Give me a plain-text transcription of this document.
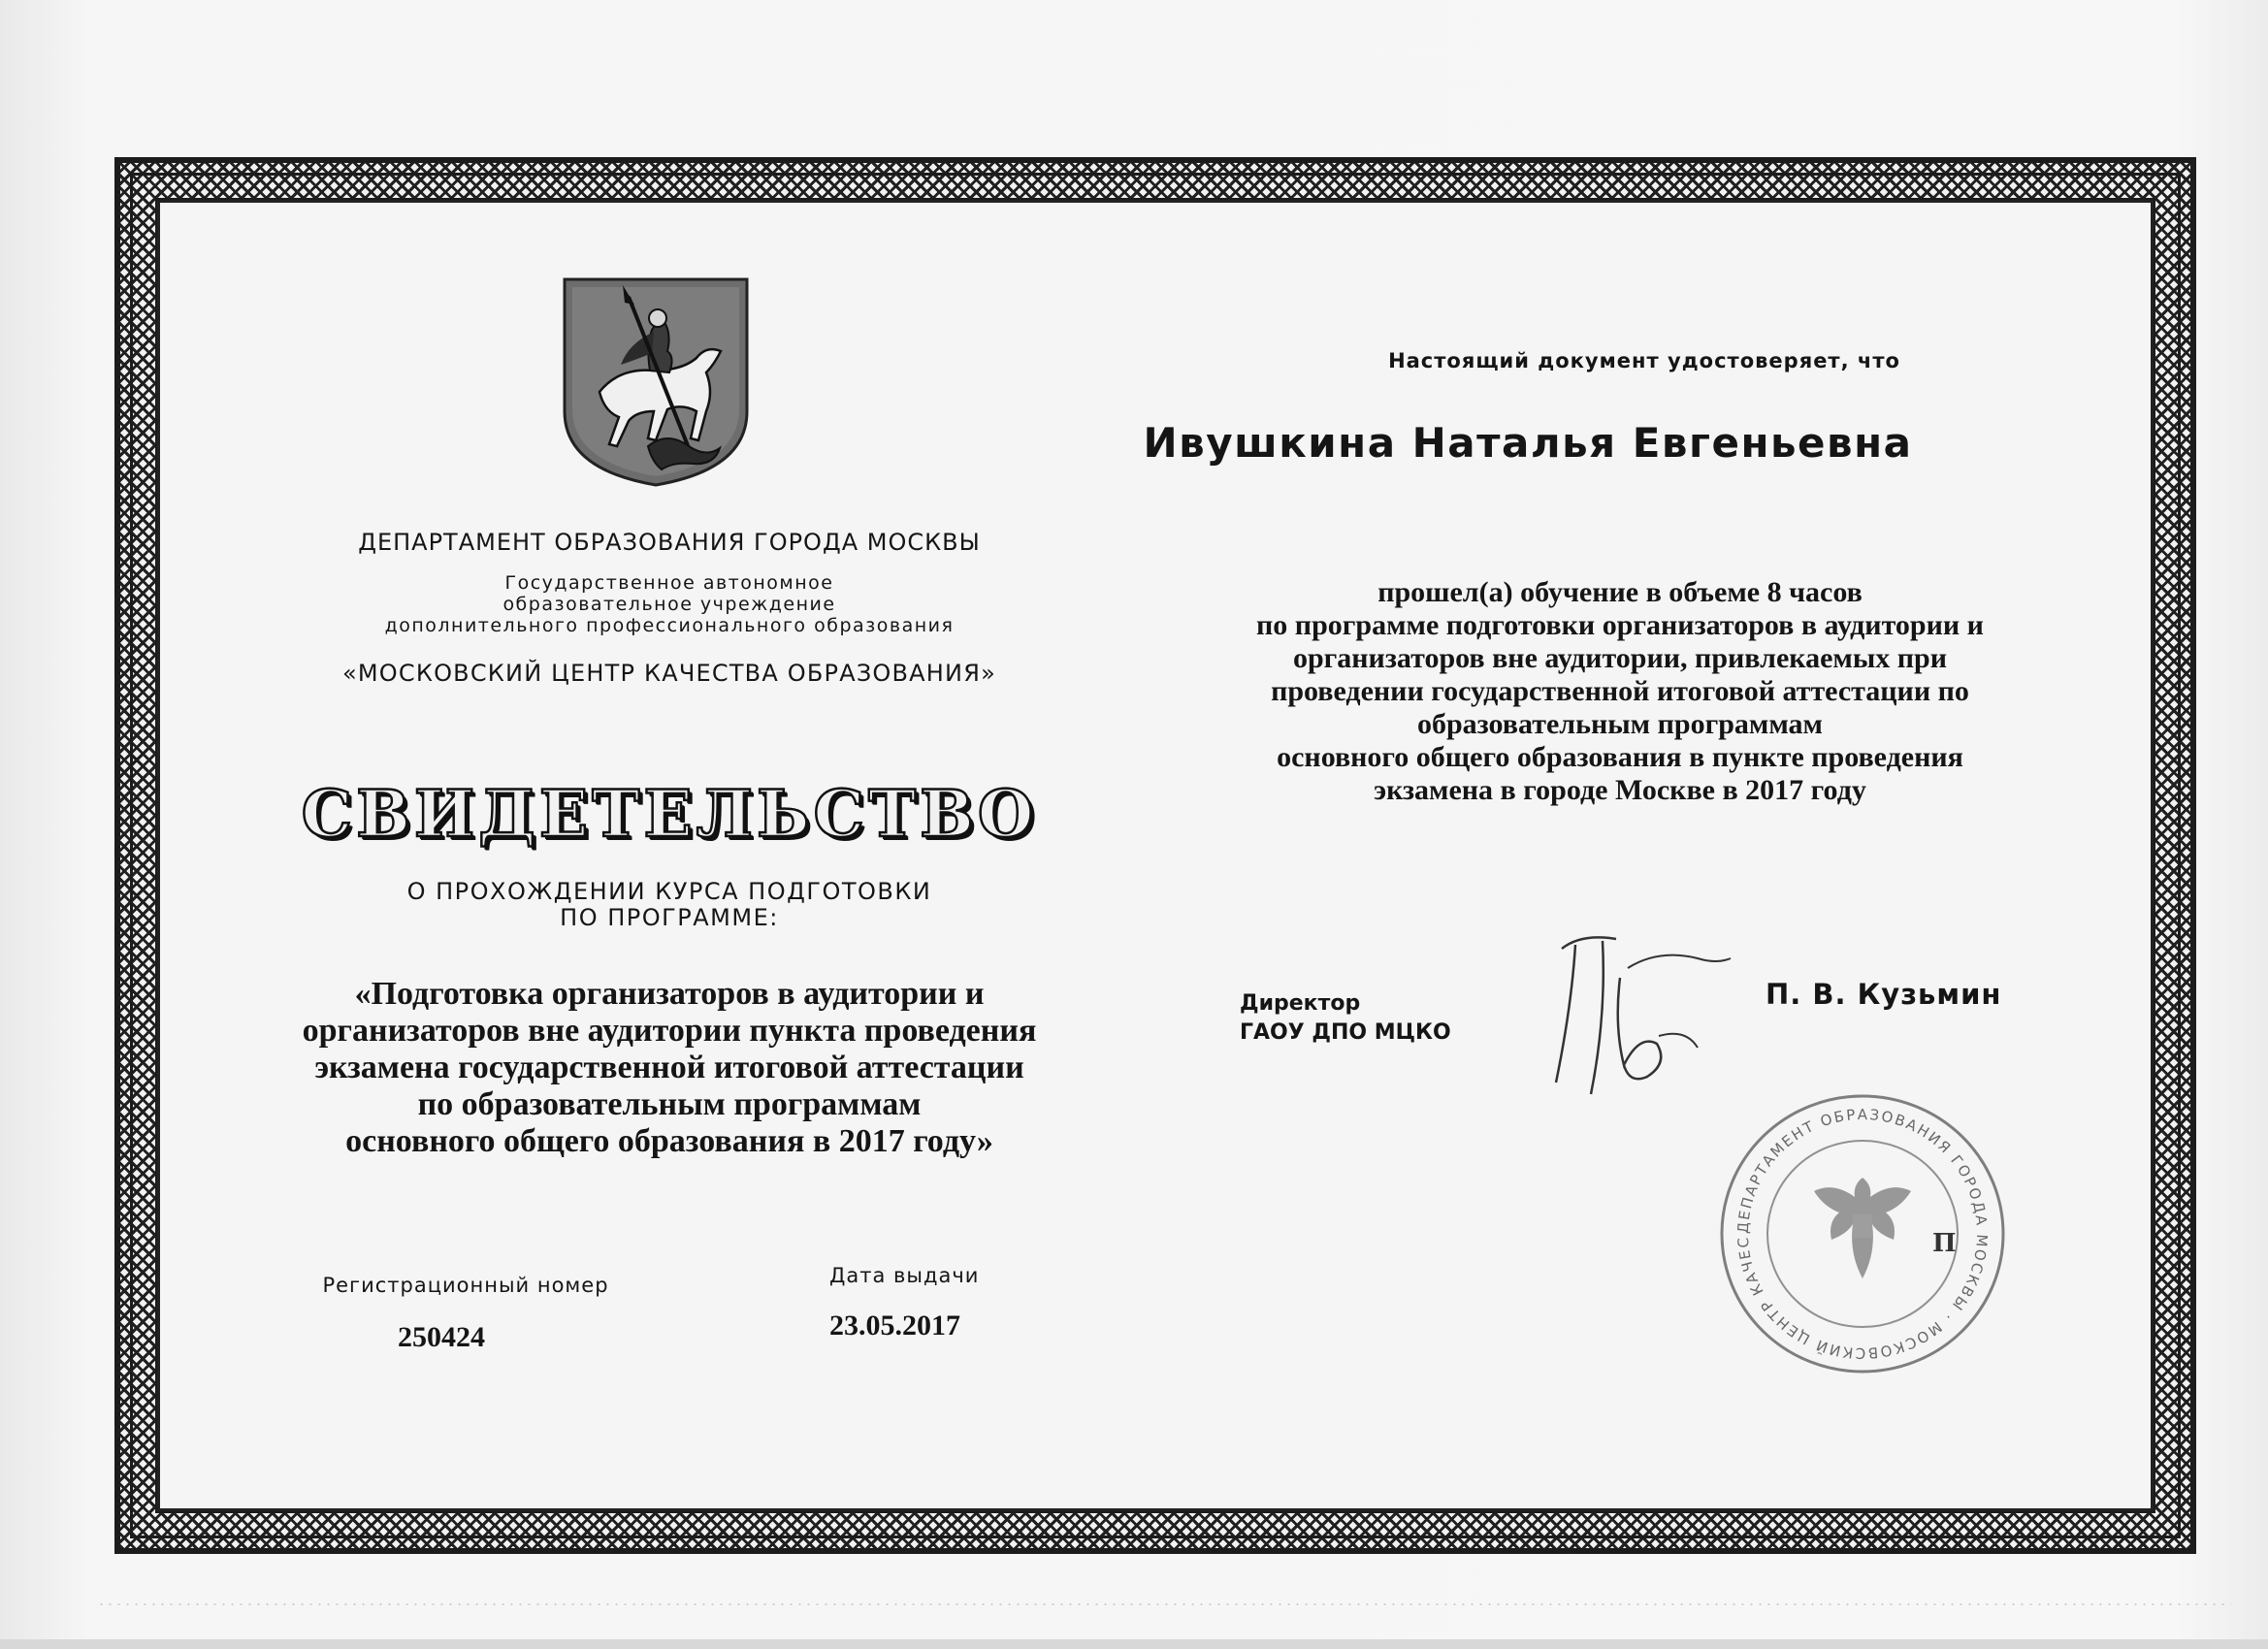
ДЕПАРТАМЕНТ ОБРАЗОВАНИЯ ГОРОДА МОСКВЫ
Государственное автономное
образовательное учреждение
дополнительного профессионального образования
«МОСКОВСКИЙ ЦЕНТР КАЧЕСТВА ОБРАЗОВАНИЯ»
СВИДЕТЕЛЬСТВО
О ПРОХОЖДЕНИИ КУРСА ПОДГОТОВКИ
ПО ПРОГРАММЕ:
«Подготовка организаторов в аудитории и
организаторов вне аудитории пункта проведения
экзамена государственной итоговой аттестации
по образовательным программам
основного общего образования в 2017 году»
Регистрационный номер
250424
Дата выдачи
23.05.2017
Настоящий документ удостоверяет, что
Ивушкина Наталья Евгеньевна
прошел(а) обучение в объеме 8 часов
по программе подготовки организаторов в аудитории и
организаторов вне аудитории, привлекаемых при
проведении государственной итоговой аттестации по
образовательным программам
основного общего образования в пункте проведения
экзамена в городе Москве в 2017 году
Директор
ГАОУ ДПО МЦКО
П. В. Кузьмин
ДЕПАРТАМЕНТ ОБРАЗОВАНИЯ ГОРОДА МОСКВЫ · МОСКОВСКИЙ ЦЕНТР КАЧЕС	П
